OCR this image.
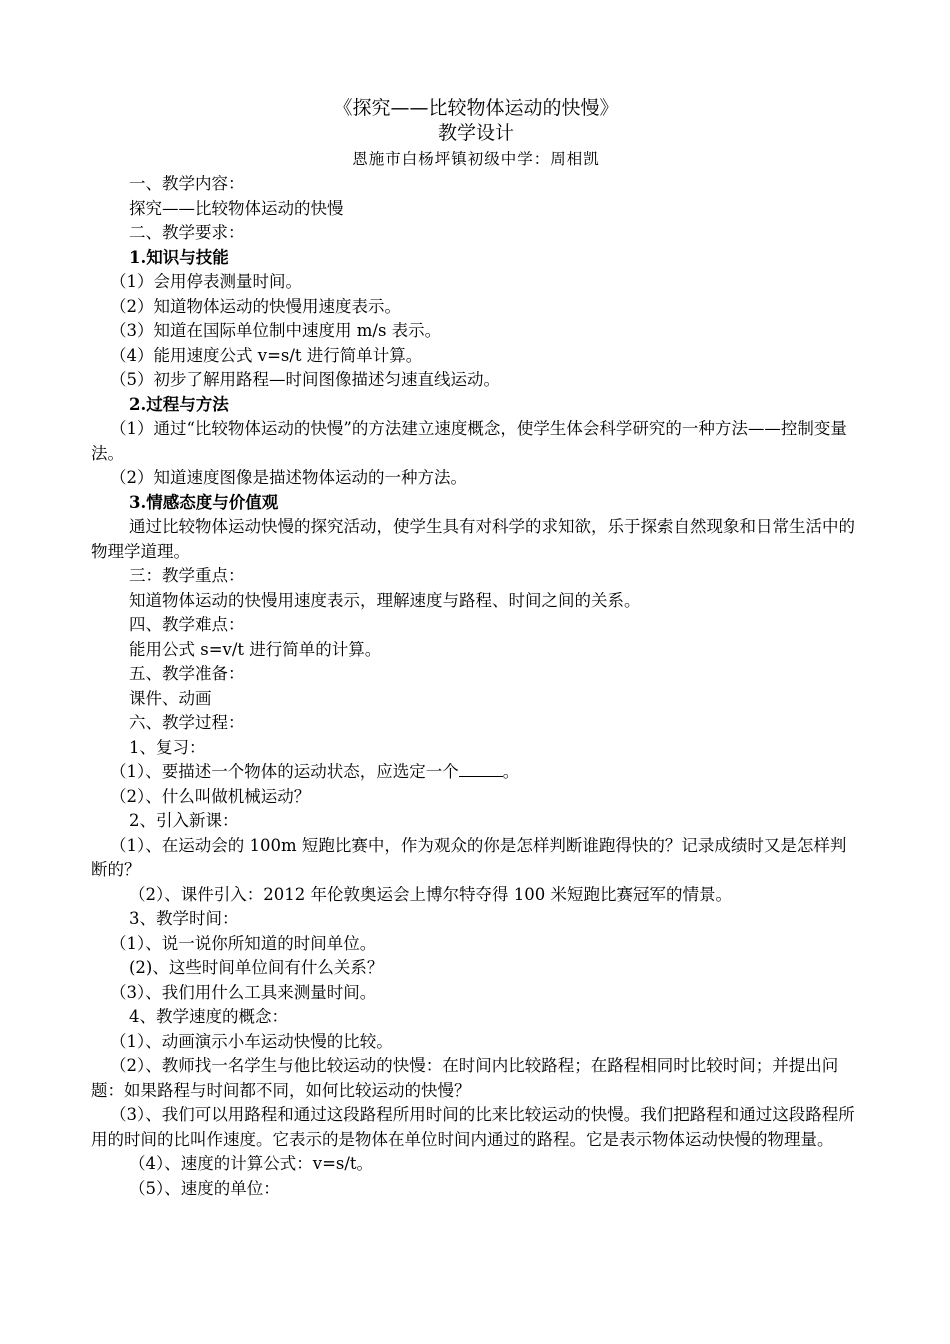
《探究——比较物体运动的快慢》

教学设计

恩施市白杨坪镇初级中学：周相凯

一、教学内容：

探究——比较物体运动的快慢

二、教学要求：

1.知识与技能

（1）会用停表测量时间。

（2）知道物体运动的快慢用速度表示。

（3）知道在国际单位制中速度用 m/s 表示。

（4）能用速度公式 v=s/t 进行简单计算。

（5）初步了解用路程—时间图像描述匀速直线运动。

2.过程与方法

（1）通过“比较物体运动的快慢”的方法建立速度概念，使学生体会科学研究的一种方法——控制变量法。

（2）知道速度图像是描述物体运动的一种方法。

3.情感态度与价值观

通过比较物体运动快慢的探究活动，使学生具有对科学的求知欲，乐于探索自然现象和日常生活中的物理学道理。

三：教学重点：

知道物体运动的快慢用速度表示，理解速度与路程、时间之间的关系。

四、教学难点：

能用公式 s=v/t 进行简单的计算。

五、教学准备：

课件、动画

六、教学过程：

1、复习：

（1）、要描述一个物体的运动状态，应选定一个	。

（2）、什么叫做机械运动？

2、引入新课：

（1）、在运动会的 100m 短跑比赛中，作为观众的你是怎样判断谁跑得快的？记录成绩时又是怎样判断的？

（2）、课件引入：2012 年伦敦奥运会上博尔特夺得 100 米短跑比赛冠军的情景。

3、教学时间：

（1）、说一说你所知道的时间单位。

(2)、这些时间单位间有什么关系？

（3）、我们用什么工具来测量时间。

4、教学速度的概念：

（1）、动画演示小车运动快慢的比较。

（2）、教师找一名学生与他比较运动的快慢：在时间内比较路程；在路程相同时比较时间；并提出问题：如果路程与时间都不同，如何比较运动的快慢？

（3）、我们可以用路程和通过这段路程所用时间的比来比较运动的快慢。我们把路程和通过这段路程所用的时间的比叫作速度。它表示的是物体在单位时间内通过的路程。它是表示物体运动快慢的物理量。

（4）、速度的计算公式：v=s/t。

（5）、速度的单位：
